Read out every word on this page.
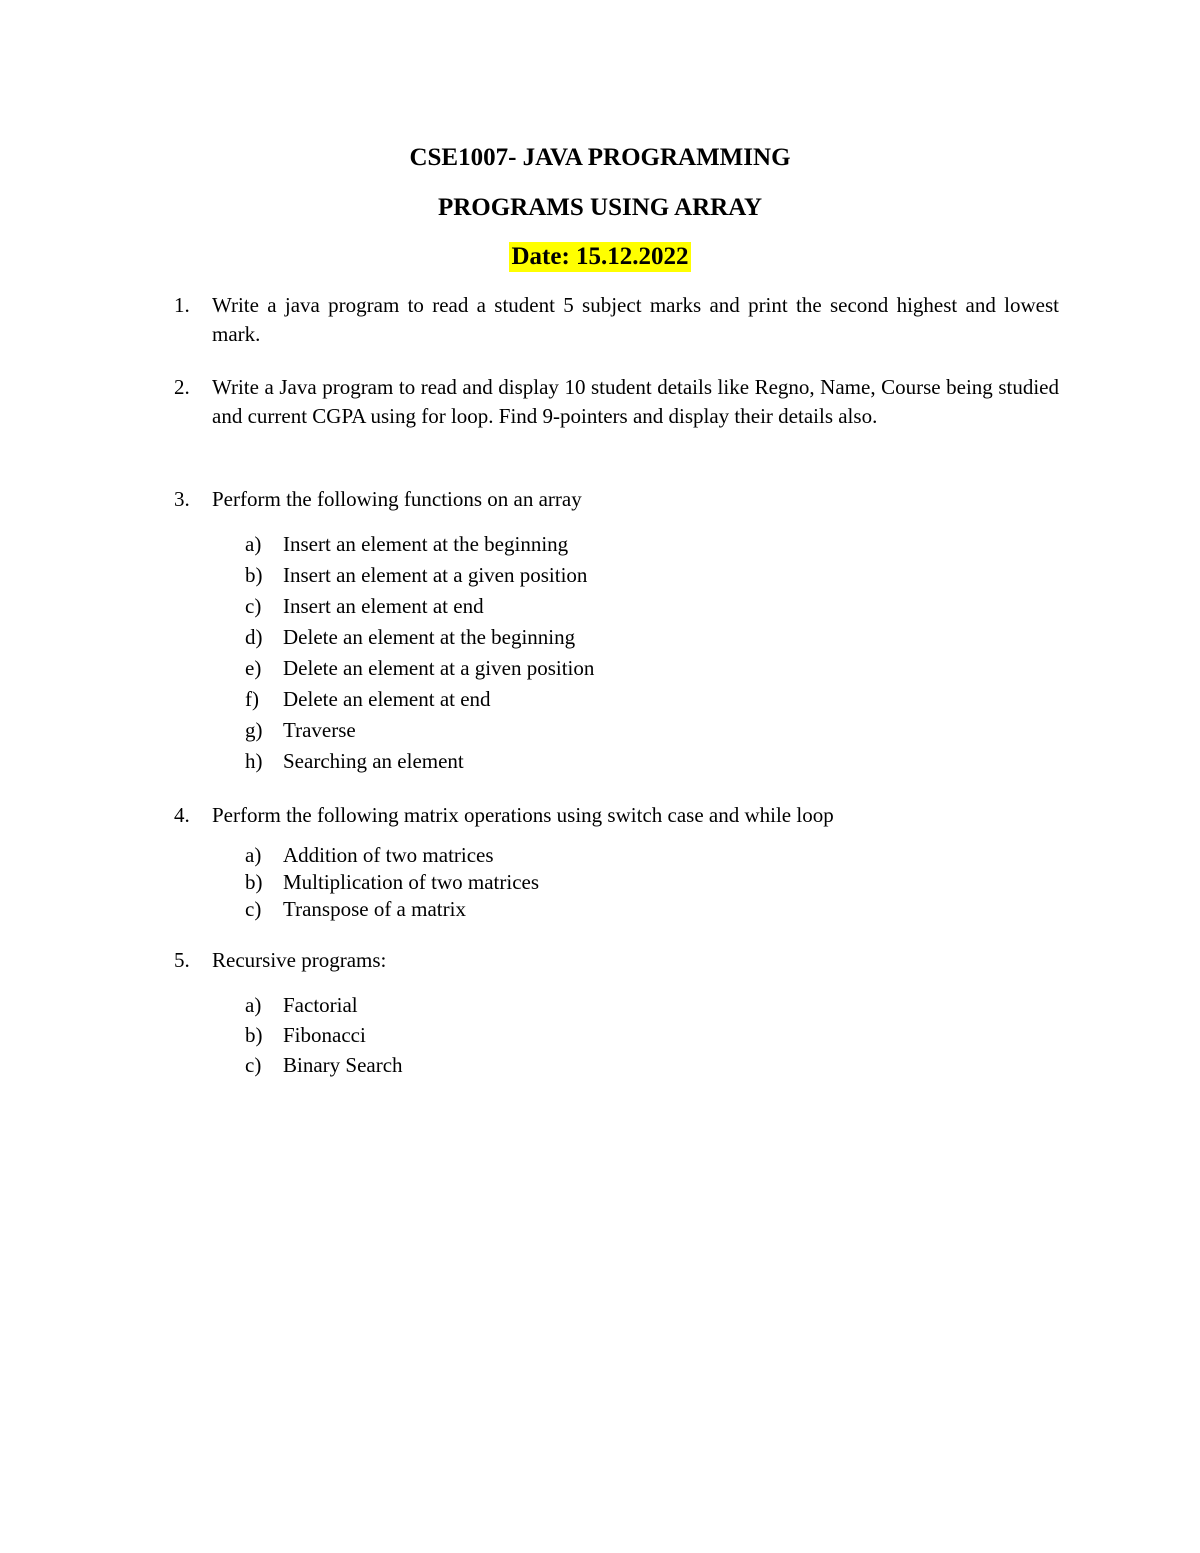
CSE1007- JAVA PROGRAMMING
PROGRAMS USING ARRAY
Date: 15.12.2022
1. Write a java program to read a student 5 subject marks and print the second highest and lowest mark.
2. Write a Java program to read and display 10 student details like Regno, Name, Course being studied and current CGPA using for loop. Find 9-pointers and display their details also.
3. Perform the following functions on an array
a) Insert an element at the beginning
b) Insert an element at a given position
c) Insert an element at end
d) Delete an element at the beginning
e) Delete an element at a given position
f) Delete an element at end
g) Traverse
h) Searching an element
4. Perform the following matrix operations using switch case and while loop
a) Addition of two matrices
b) Multiplication of two matrices
c) Transpose of a matrix
5. Recursive programs:
a) Factorial
b) Fibonacci
c) Binary Search
